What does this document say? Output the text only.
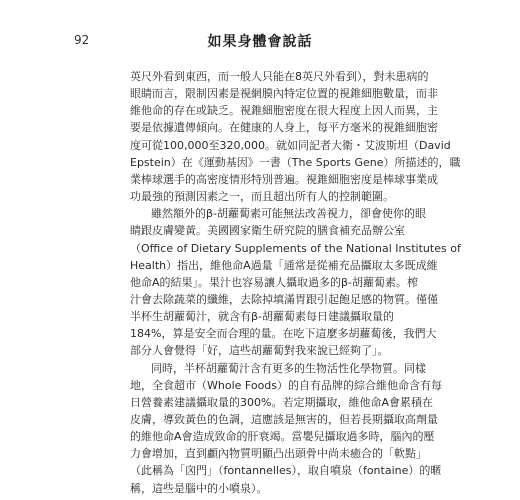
92	如果身體會說話
英尺外看到東西，而一般人只能在8英尺外看到），對未患病的
眼睛而言，限制因素是視網膜內特定位置的視錐細胞數量，而非
維他命的存在或缺乏。視錐細胞密度在很大程度上因人而異，主
要是依據遺傳傾向。在健康的人身上，每平方毫米的視錐細胞密
度可從100,000至320,000。就如同記者大衛・艾波斯坦（David
Epstein）在《運動基因》一書（The Sports Gene）所描述的，職
業棒球選手的高密度情形特別普遍。視錐細胞密度是棒球事業成
功最強的預測因素之一，而且超出所有人的控制範圍。
雖然額外的β-胡蘿蔔素可能無法改善視力，卻會使你的眼
睛跟皮膚變黃。美國國家衛生研究院的膳食補充品辦公室
（Office of Dietary Supplements of the National Institutes of
Health）指出，維他命A過量「通常是從補充品攝取太多既成維
他命A的結果」。果汁也容易讓人攝取過多的β-胡蘿蔔素。榨
汁會去除蔬菜的纖維，去除掉填滿胃跟引起飽足感的物質。僅僅
半杯生胡蘿蔔汁，就含有β-胡蘿蔔素每日建議攝取量的
184%，算是安全而合理的量。在吃下這麼多胡蘿蔔後，我們大
部分人會覺得「好，這些胡蘿蔔對我來說已經夠了」。
同時，半杯胡蘿蔔汁含有更多的生物活性化學物質。同樣
地，全食超市（Whole Foods）的自有品牌的綜合維他命含有每
日營養素建議攝取量的300%。若定期攝取，維他命A會累積在
皮膚，導致黃色的色調，這應該是無害的，但若長期攝取高劑量
的維他命A會造成致命的肝衰竭。當嬰兒攝取過多時，腦內的壓
力會增加，直到顱內物質明顯凸出頭骨中尚未癒合的「軟點」
（此稱為「囟門」（fontannelles），取自噴泉（fontaine）的暱
稱，這些是腦中的小噴泉）。
